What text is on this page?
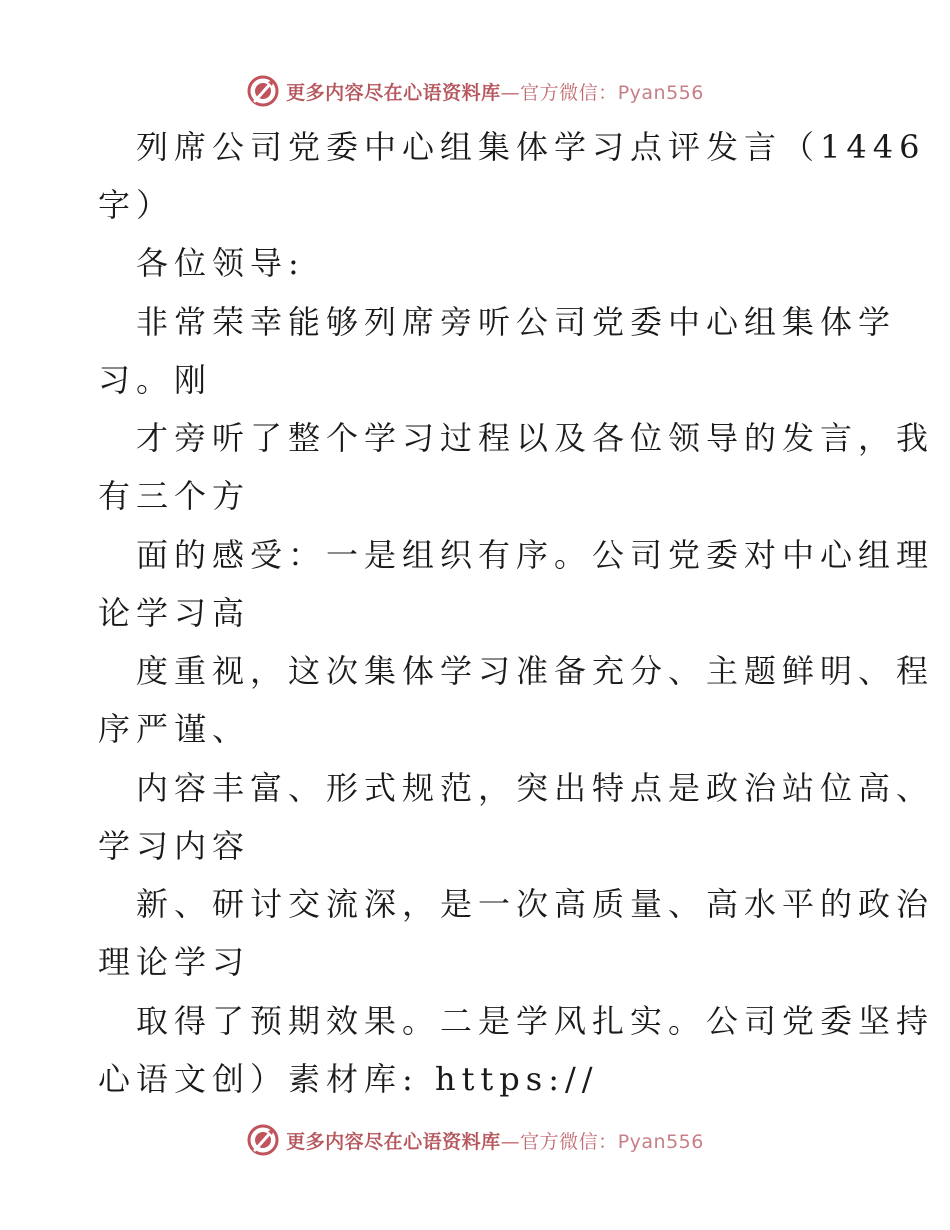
更多内容尽在心语资料库—官方微信：Pyan556
列席公司党委中心组集体学习点评发言（1446
字）
各位领导:
非常荣幸能够列席旁听公司党委中心组集体学
习。刚
才旁听了整个学习过程以及各位领导的发言，我
有三个方
面的感受：一是组织有序。公司党委对中心组理
论学习高
度重视，这次集体学习准备充分、主题鲜明、程
序严谨、
内容丰富、形式规范，突出特点是政治站位高、
学习内容
新、研讨交流深，是一次高质量、高水平的政治
理论学习
取得了预期效果。二是学风扎实。公司党委坚持
心语文创）素材库: https://
更多内容尽在心语资料库—官方微信：Pyan556
